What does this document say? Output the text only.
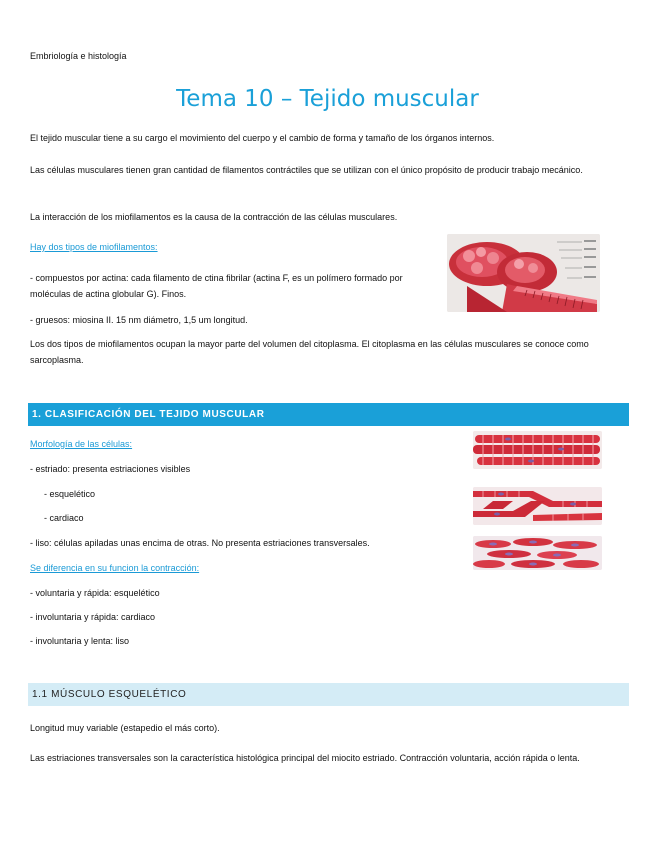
Embriología e histología
Tema 10 – Tejido muscular

El tejido muscular tiene a su cargo el movimiento del cuerpo y el cambio de forma y tamaño de los órganos internos.

Las células musculares tienen gran cantidad de filamentos contráctiles que se utilizan con el único propósito de producir trabajo mecánico.

La interacción de los miofilamentos es la causa de la contracción de las células musculares.

Hay dos tipos de miofilamentos:

- compuestos por actina: cada filamento de ctina fibrilar (actina F, es un polímero formado por moléculas de actina globular G). Finos.

- gruesos: miosina II. 15 nm diámetro, 1,5 um longitud.

Los dos tipos de miofilamentos ocupan la mayor parte del volumen del citoplasma. El citoplasma en las células musculares se conoce como sarcoplasma.

1. CLASIFICACIÓN DEL TEJIDO MUSCULAR

Morfología de las células:

- estriado: presenta estriaciones visibles

- esquelético

- cardiaco

- liso: células apiladas unas encima de otras. No presenta estriaciones transversales.

Se diferencia en su funcion la contracción:

- voluntaria y rápida: esquelético

- involuntaria y rápida: cardiaco

- involuntaria y lenta: liso

1.1 MÚSCULO ESQUELÉTICO

Longitud muy variable (estapedio el más corto).

Las estriaciones transversales son la característica histológica principal del miocito estriado. Contracción voluntaria, acción rápida o lenta.
